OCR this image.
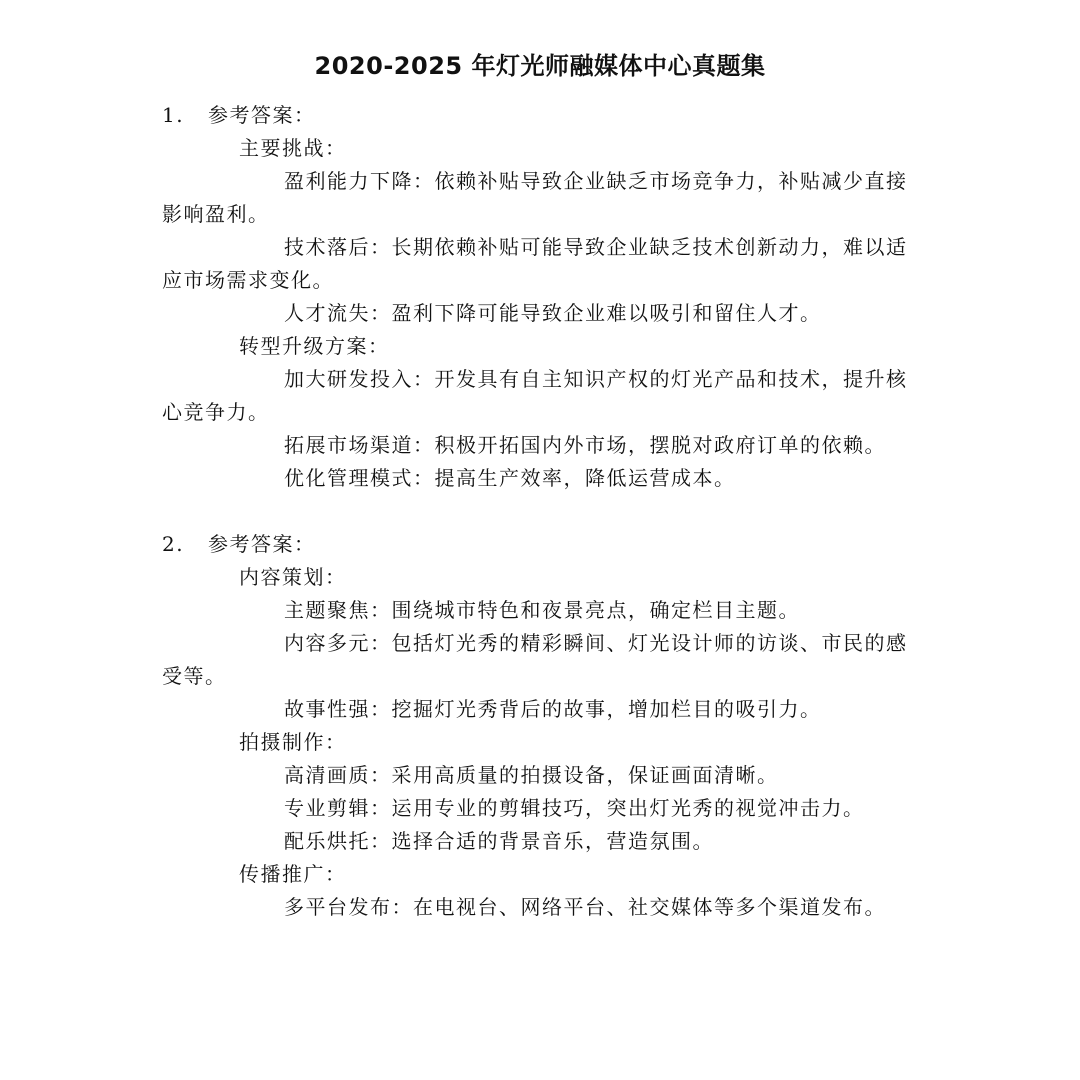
2020-2025 年灯光师融媒体中心真题集
1.	参考答案：
主要挑战：

盈利能力下降：依赖补贴导致企业缺乏市场竞争力，补贴减少直接影响盈利。

技术落后：长期依赖补贴可能导致企业缺乏技术创新动力，难以适应市场需求变化。

人才流失：盈利下降可能导致企业难以吸引和留住人才。

转型升级方案：

加大研发投入：开发具有自主知识产权的灯光产品和技术，提升核心竞争力。

拓展市场渠道：积极开拓国内外市场，摆脱对政府订单的依赖。

优化管理模式：提高生产效率，降低运营成本。

2.	参考答案：
内容策划：

主题聚焦：围绕城市特色和夜景亮点，确定栏目主题。

内容多元：包括灯光秀的精彩瞬间、灯光设计师的访谈、市民的感受等。

故事性强：挖掘灯光秀背后的故事，增加栏目的吸引力。

拍摄制作：

高清画质：采用高质量的拍摄设备，保证画面清晰。

专业剪辑：运用专业的剪辑技巧，突出灯光秀的视觉冲击力。

配乐烘托：选择合适的背景音乐，营造氛围。

传播推广：

多平台发布：在电视台、网络平台、社交媒体等多个渠道发布。
